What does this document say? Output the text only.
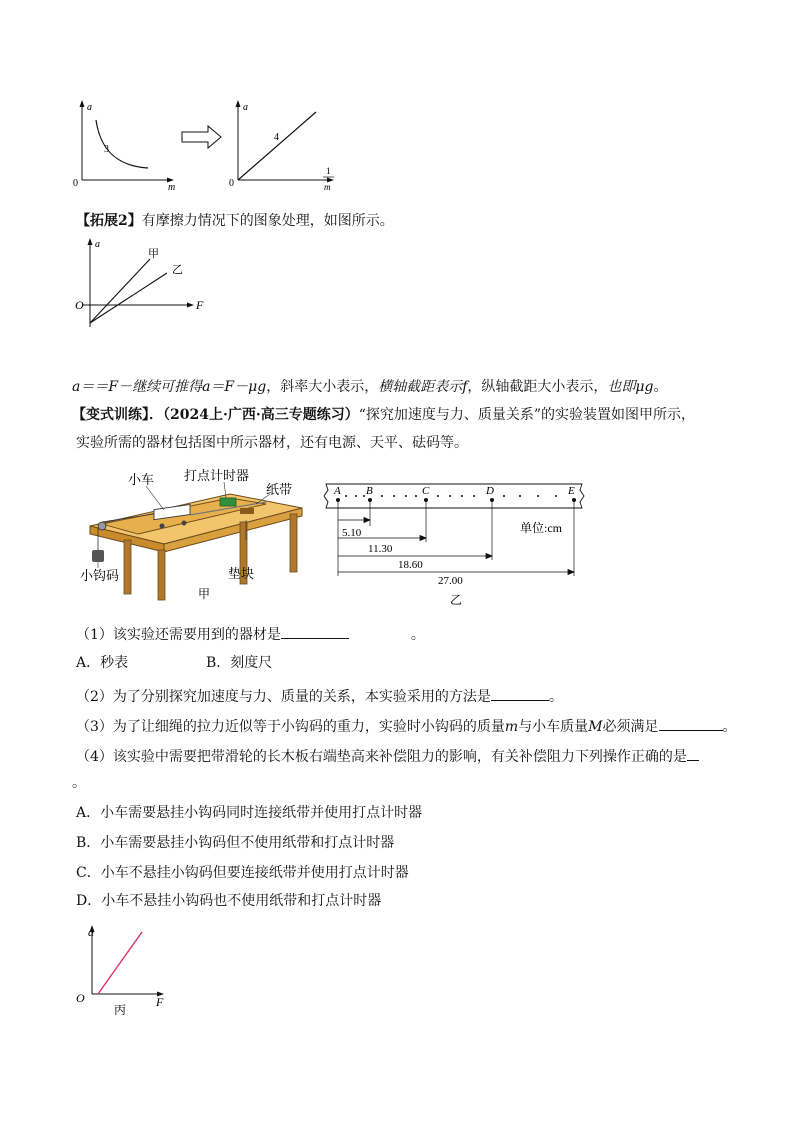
a
m
0
3
a
1
m
0
4
【拓展2】有摩擦力情况下的图象处理，如图所示。
a
F
O
甲
乙
a＝＝F－继续可推得a＝F－μg，斜率大小表示，横轴截距表示f，纵轴截距大小表示，也即μg。
【变式训练】．（2024上·广西·高三专题练习）“探究加速度与力、质量关系”的实验装置如图甲所示，
实验所需的器材包括图中所示器材，还有电源、天平、砝码等。
小车 打点计时器
纸带
小钩码	垫块
甲
A B	C	D	E
5.10
11.30
18.60
27.00
单位:cm
乙
（1）该实验还需要用到的器材是	。
A．秒表	B．刻度尺
（2）为了分别探究加速度与力、质量的关系，本实验采用的方法是	。
（3）为了让细绳的拉力近似等于小钩码的重力，实验时小钩码的质量m与小车质量M必须满足	。
（4）该实验中需要把带滑轮的长木板右端垫高来补偿阻力的影响，有关补偿阻力下列操作正确的是
。
A．小车需要悬挂小钩码同时连接纸带并使用打点计时器
B．小车需要悬挂小钩码但不使用纸带和打点计时器
C．小车不悬挂小钩码但要连接纸带并使用打点计时器
D．小车不悬挂小钩码也不使用纸带和打点计时器
a
F
O
丙
